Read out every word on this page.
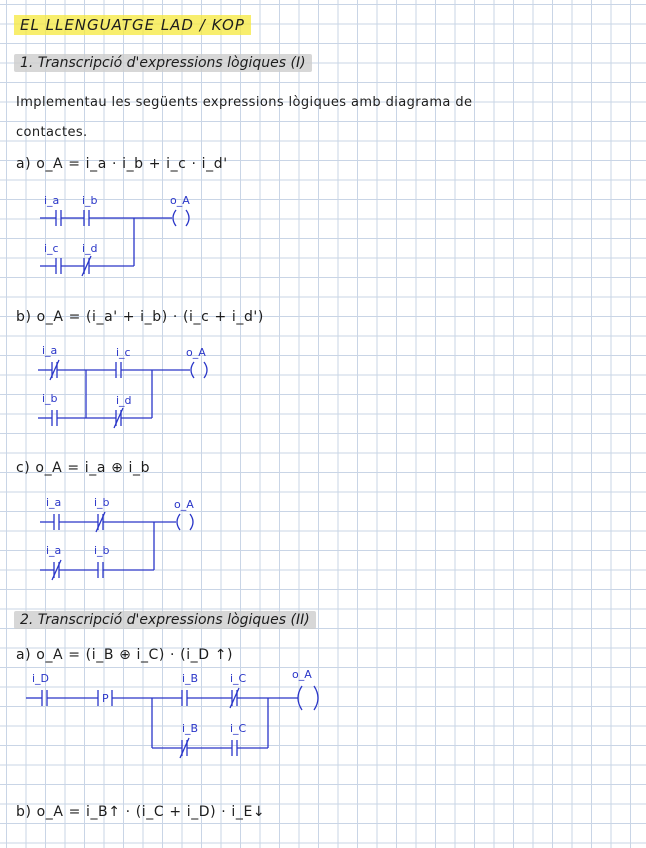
EL LLENGUATGE LAD / KOP
1. Transcripció d'expressions lògiques (I)
Implementau les següents expressions lògiques amb diagrama de
contactes.
a) o_A = i_a · i_b + i_c · i_d'
i_a i_b	o_A
i_c i_d
b) o_A = (i_a' + i_b) · (i_c + i_d')
i_a	i_c	o_A
i_b	i_d
c) o_A = i_a ⊕ i_b
i_a	i_b	o_A
i_a	i_b
2. Transcripció d'expressions lògiques (II)
a) o_A = (i_B ⊕ i_C) · (i_D ↑)
i_D	i_B	i_C	o_A
i_B	i_C
P
b) o_A = i_B↑ · (i_C + i_D) · i_E↓
